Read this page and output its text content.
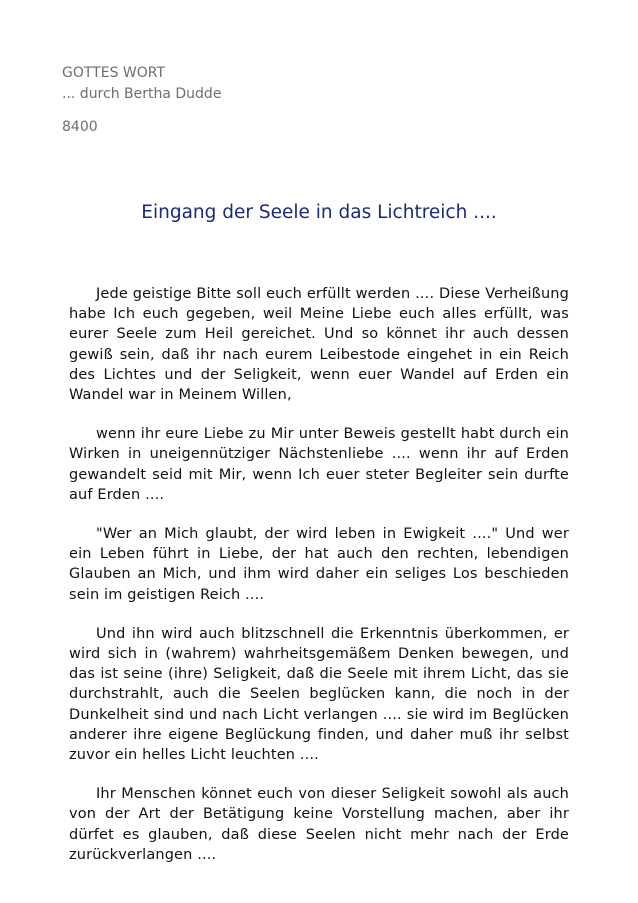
GOTTES WORT
... durch Bertha Dudde
8400
Eingang der Seele in das Lichtreich ....

Jede geistige Bitte soll euch erfüllt werden .... Diese Verheißung habe Ich euch gegeben, weil Meine Liebe euch alles erfüllt, was eurer Seele zum Heil gereichet. Und so könnet ihr auch dessen gewiß sein, daß ihr nach eurem Leibestode eingehet in ein Reich des Lichtes und der Seligkeit, wenn euer Wandel auf Erden ein Wandel war in Meinem Willen,

wenn ihr eure Liebe zu Mir unter Beweis gestellt habt durch ein Wirken in uneigennütziger Nächstenliebe .... wenn ihr auf Erden gewandelt seid mit Mir, wenn Ich euer steter Begleiter sein durfte auf Erden ....

"Wer an Mich glaubt, der wird leben in Ewigkeit ...." Und wer ein Leben führt in Liebe, der hat auch den rechten, lebendigen Glauben an Mich, und ihm wird daher ein seliges Los beschieden sein im geistigen Reich ....

Und ihn wird auch blitzschnell die Erkenntnis überkommen, er wird sich in (wahrem) wahrheitsgemäßem Denken bewegen, und das ist seine (ihre) Seligkeit, daß die Seele mit ihrem Licht, das sie durchstrahlt, auch die Seelen beglücken kann, die noch in der Dunkelheit sind und nach Licht verlangen .... sie wird im Beglücken anderer ihre eigene Beglückung finden, und daher muß ihr selbst zuvor ein helles Licht leuchten ....

Ihr Menschen könnet euch von dieser Seligkeit sowohl als auch von der Art der Betätigung keine Vorstellung machen, aber ihr dürfet es glauben, daß diese Seelen nicht mehr nach der Erde zurückverlangen ....
